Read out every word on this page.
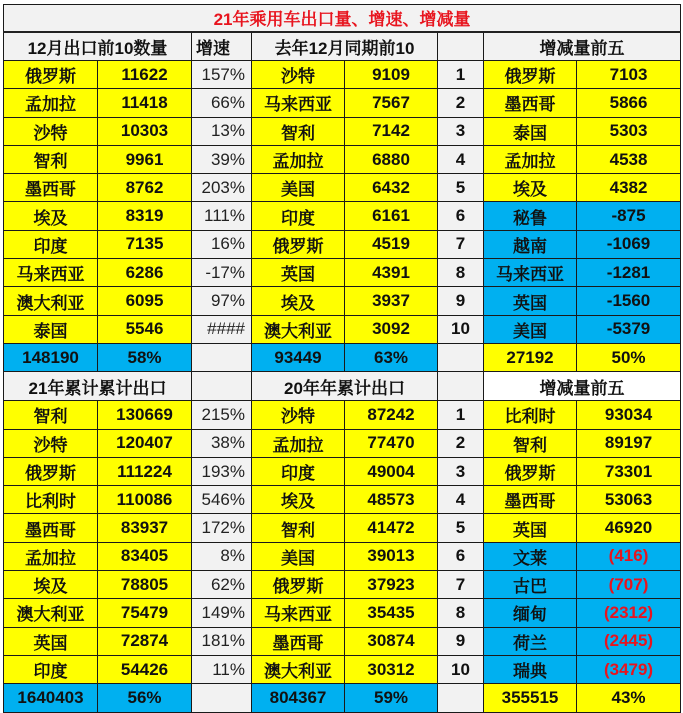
21年乘用车出口量、增速、增减量							
12月出口前10数量		增速	去年12月同期前10			增减量前五	
俄罗斯	11622	157%	沙特	9109	1	俄罗斯	7103
孟加拉	11418	66%	马来西亚	7567	2	墨西哥	5866
沙特	10303	13%	智利	7142	3	泰国	5303
智利	9961	39%	孟加拉	6880	4	孟加拉	4538
墨西哥	8762	203%	美国	6432	5	埃及	4382
埃及	8319	111%	印度	6161	6	秘鲁	-875
印度	7135	16%	俄罗斯	4519	7	越南	-1069
马来西亚	6286	-17%	英国	4391	8	马来西亚	-1281
澳大利亚	6095	97%	埃及	3937	9	英国	-1560
泰国	5546	####	澳大利亚	3092	10	美国	-5379
148190	58%		93449	63%		27192	50%
21年累计累计出口			20年年累计出口			增减量前五	
智利	130669	215%	沙特	87242	1	比利时	93034
沙特	120407	38%	孟加拉	77470	2	智利	89197
俄罗斯	111224	193%	印度	49004	3	俄罗斯	73301
比利时	110086	546%	埃及	48573	4	墨西哥	53063
墨西哥	83937	172%	智利	41472	5	英国	46920
孟加拉	83405	8%	美国	39013	6	文莱	(416)
埃及	78805	62%	俄罗斯	37923	7	古巴	(707)
澳大利亚	75479	149%	马来西亚	35435	8	缅甸	(2312)
英国	72874	181%	墨西哥	30874	9	荷兰	(2445)
印度	54426	11%	澳大利亚	30312	10	瑞典	(3479)
1640403	56%		804367	59%		355515	43%
